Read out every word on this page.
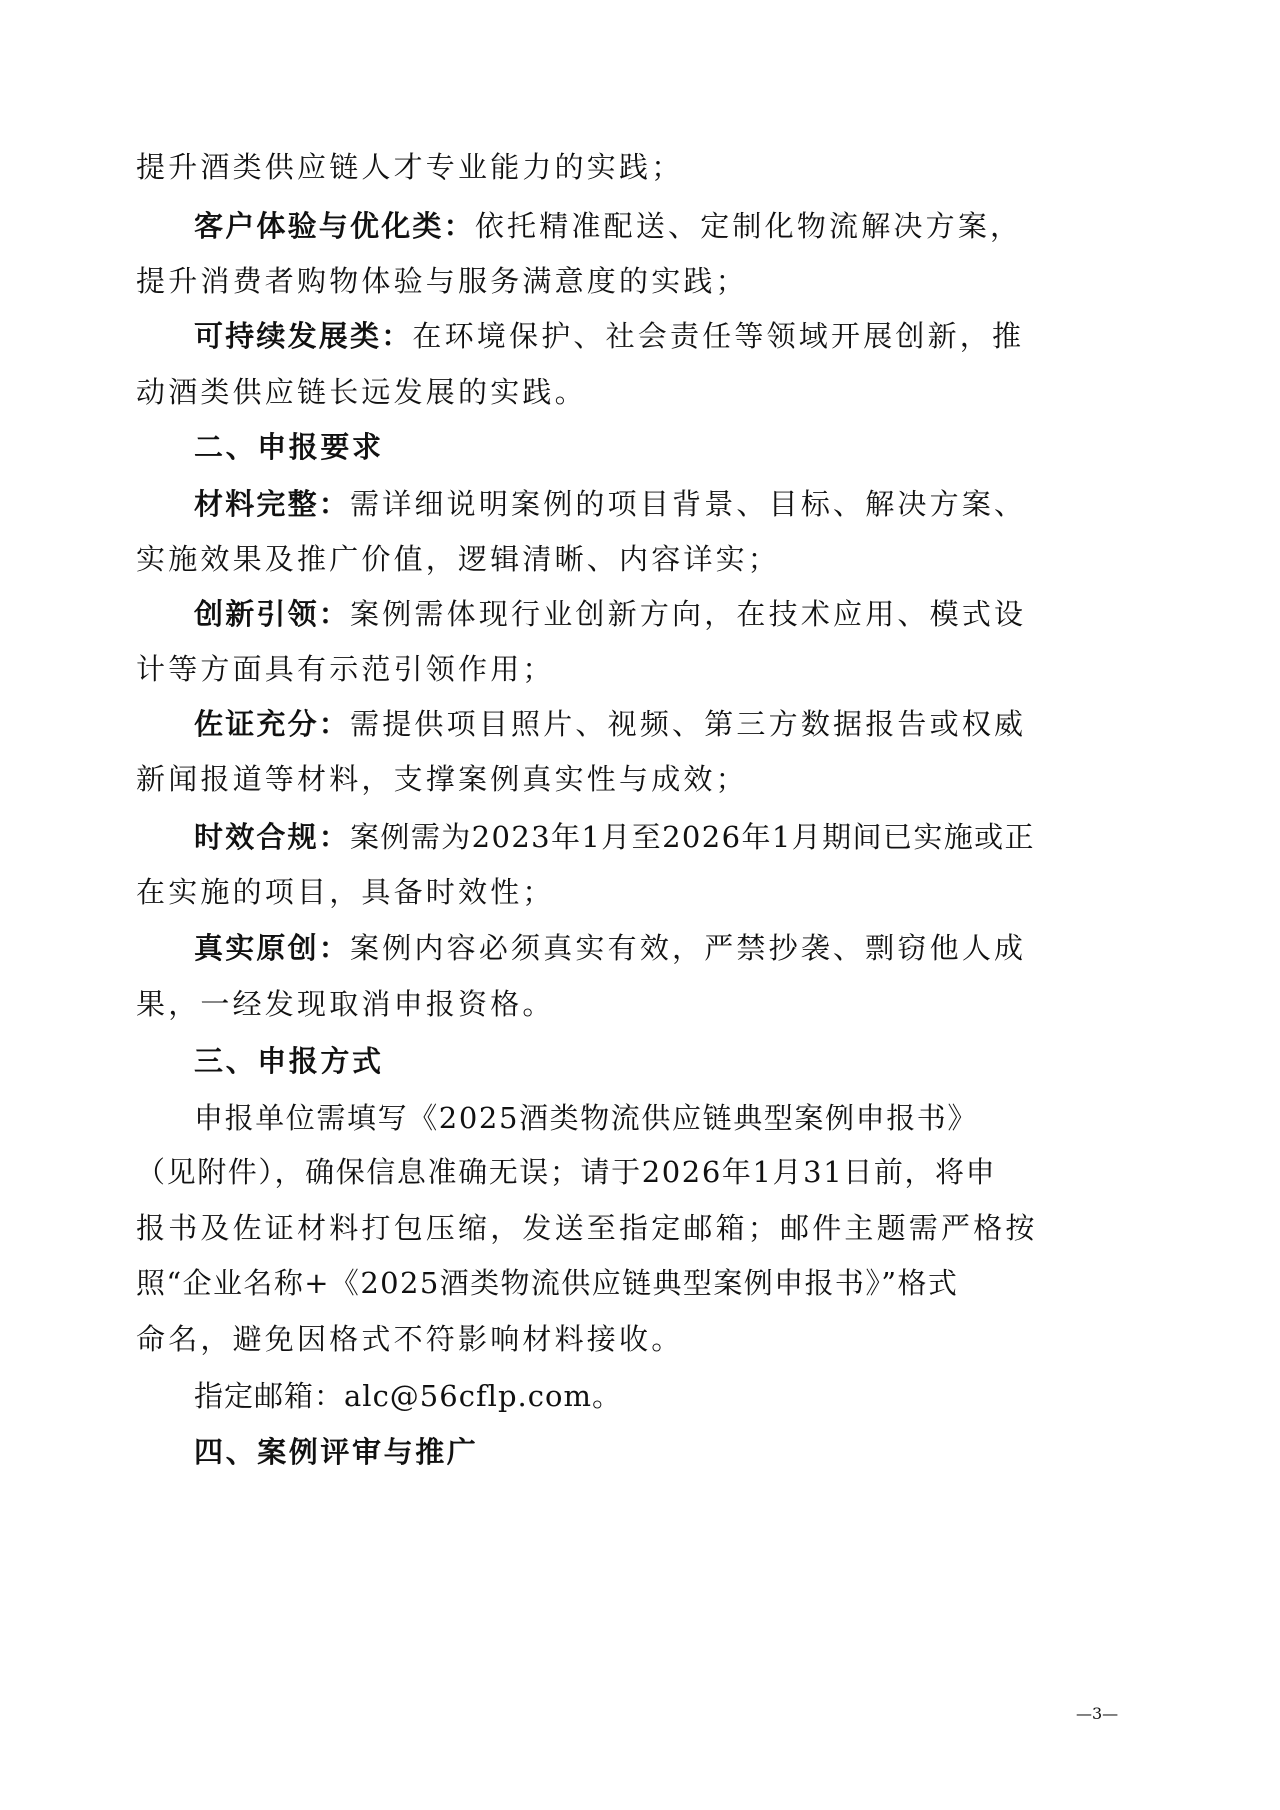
提升酒类供应链人才专业能力的实践；
客户体验与优化类：依托精准配送、定制化物流解决方案，
提升消费者购物体验与服务满意度的实践；
可持续发展类：在环境保护、社会责任等领域开展创新，推
动酒类供应链长远发展的实践。
二、申报要求
材料完整：需详细说明案例的项目背景、目标、解决方案、
实施效果及推广价值，逻辑清晰、内容详实；
创新引领：案例需体现行业创新方向，在技术应用、模式设
计等方面具有示范引领作用；
佐证充分：需提供项目照片、视频、第三方数据报告或权威
新闻报道等材料，支撑案例真实性与成效；
时效合规：案例需为2023年1月至2026年1月期间已实施或正
在实施的项目，具备时效性；
真实原创：案例内容必须真实有效，严禁抄袭、剽窃他人成
果，一经发现取消申报资格。
三、申报方式
申报单位需填写《2025酒类物流供应链典型案例申报书》
（见附件），确保信息准确无误；请于2026年1月31日前，将申
报书及佐证材料打包压缩，发送至指定邮箱；邮件主题需严格按
照“企业名称+《2025酒类物流供应链典型案例申报书》”格式
命名，避免因格式不符影响材料接收。
指定邮箱：alc@56cflp.com。
四、案例评审与推广
—3—
